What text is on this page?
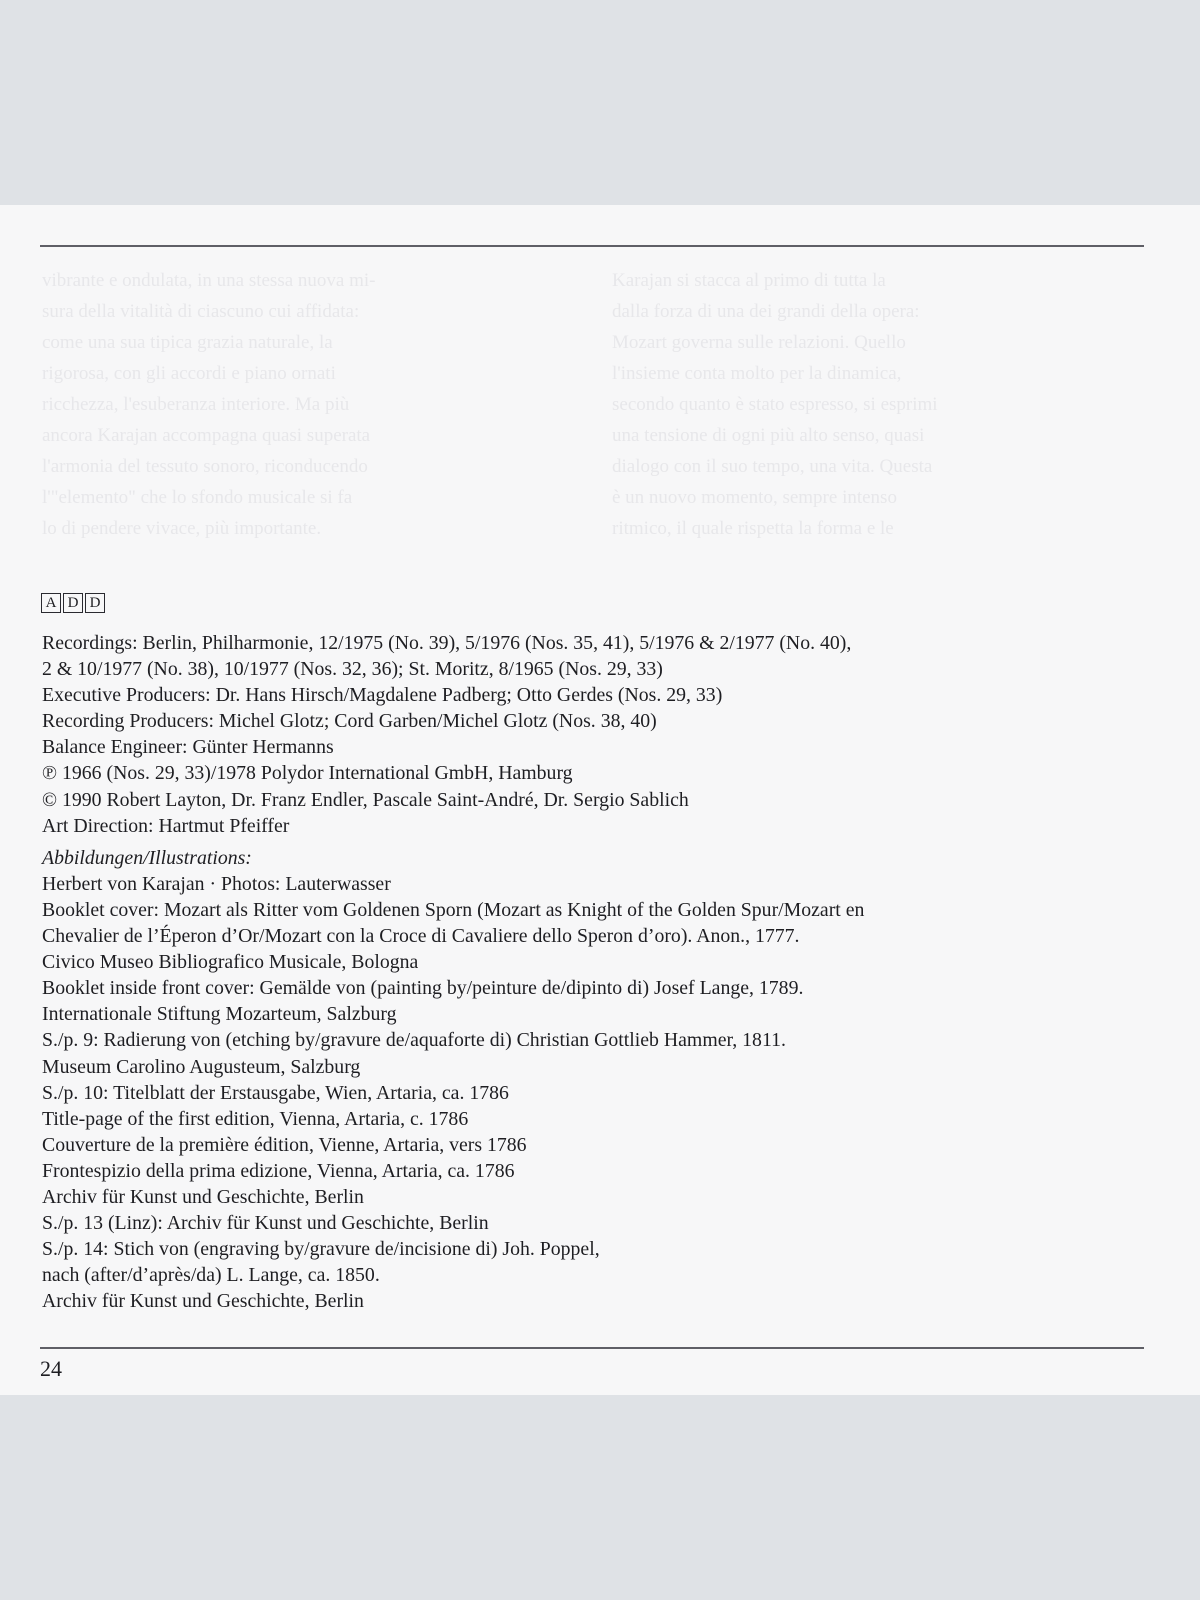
vibrante e ondulata, in una stessa nuova mi-
sura della vitalità di ciascuno cui affidata:
come una sua tipica grazia naturale, la
rigorosa, con gli accordi e piano ornati
ricchezza, l'esuberanza interiore. Ma più
ancora Karajan accompagna quasi superata
l'armonia del tessuto sonoro, riconducendo
l'"elemento" che lo sfondo musicale si fa
lo di pendere vivace, più importante.
Karajan si stacca al primo di tutta la
dalla forza di una dei grandi della opera:
Mozart governa sulle relazioni. Quello
l'insieme conta molto per la dinamica,
secondo quanto è stato espresso, si esprimi
una tensione di ogni più alto senso, quasi
dialogo con il suo tempo, una vita. Questa
è un nuovo momento, sempre intenso
ritmico, il quale rispetta la forma e le
A D D
Recordings: Berlin, Philharmonie, 12/1975 (No. 39), 5/1976 (Nos. 35, 41), 5/1976 & 2/1977 (No. 40),
2 & 10/1977 (No. 38), 10/1977 (Nos. 32, 36); St. Moritz, 8/1965 (Nos. 29, 33)
Executive Producers: Dr. Hans Hirsch/Magdalene Padberg; Otto Gerdes (Nos. 29, 33)
Recording Producers: Michel Glotz; Cord Garben/Michel Glotz (Nos. 38, 40)
Balance Engineer: Günter Hermanns
℗ 1966 (Nos. 29, 33)/1978 Polydor International GmbH, Hamburg
© 1990 Robert Layton, Dr. Franz Endler, Pascale Saint-André, Dr. Sergio Sablich
Art Direction: Hartmut Pfeiffer
Abbildungen/Illustrations:
Herbert von Karajan · Photos: Lauterwasser
Booklet cover: Mozart als Ritter vom Goldenen Sporn (Mozart as Knight of the Golden Spur/Mozart en
Chevalier de l’Éperon d’Or/Mozart con la Croce di Cavaliere dello Speron d’oro). Anon., 1777.
Civico Museo Bibliografico Musicale, Bologna
Booklet inside front cover: Gemälde von (painting by/peinture de/dipinto di) Josef Lange, 1789.
Internationale Stiftung Mozarteum, Salzburg
S./p. 9: Radierung von (etching by/gravure de/aquaforte di) Christian Gottlieb Hammer, 1811.
Museum Carolino Augusteum, Salzburg
S./p. 10: Titelblatt der Erstausgabe, Wien, Artaria, ca. 1786
Title-page of the first edition, Vienna, Artaria, c. 1786
Couverture de la première édition, Vienne, Artaria, vers 1786
Frontespizio della prima edizione, Vienna, Artaria, ca. 1786
Archiv für Kunst und Geschichte, Berlin
S./p. 13 (Linz): Archiv für Kunst und Geschichte, Berlin
S./p. 14: Stich von (engraving by/gravure de/incisione di) Joh. Poppel,
nach (after/d’après/da) L. Lange, ca. 1850.
Archiv für Kunst und Geschichte, Berlin
24
